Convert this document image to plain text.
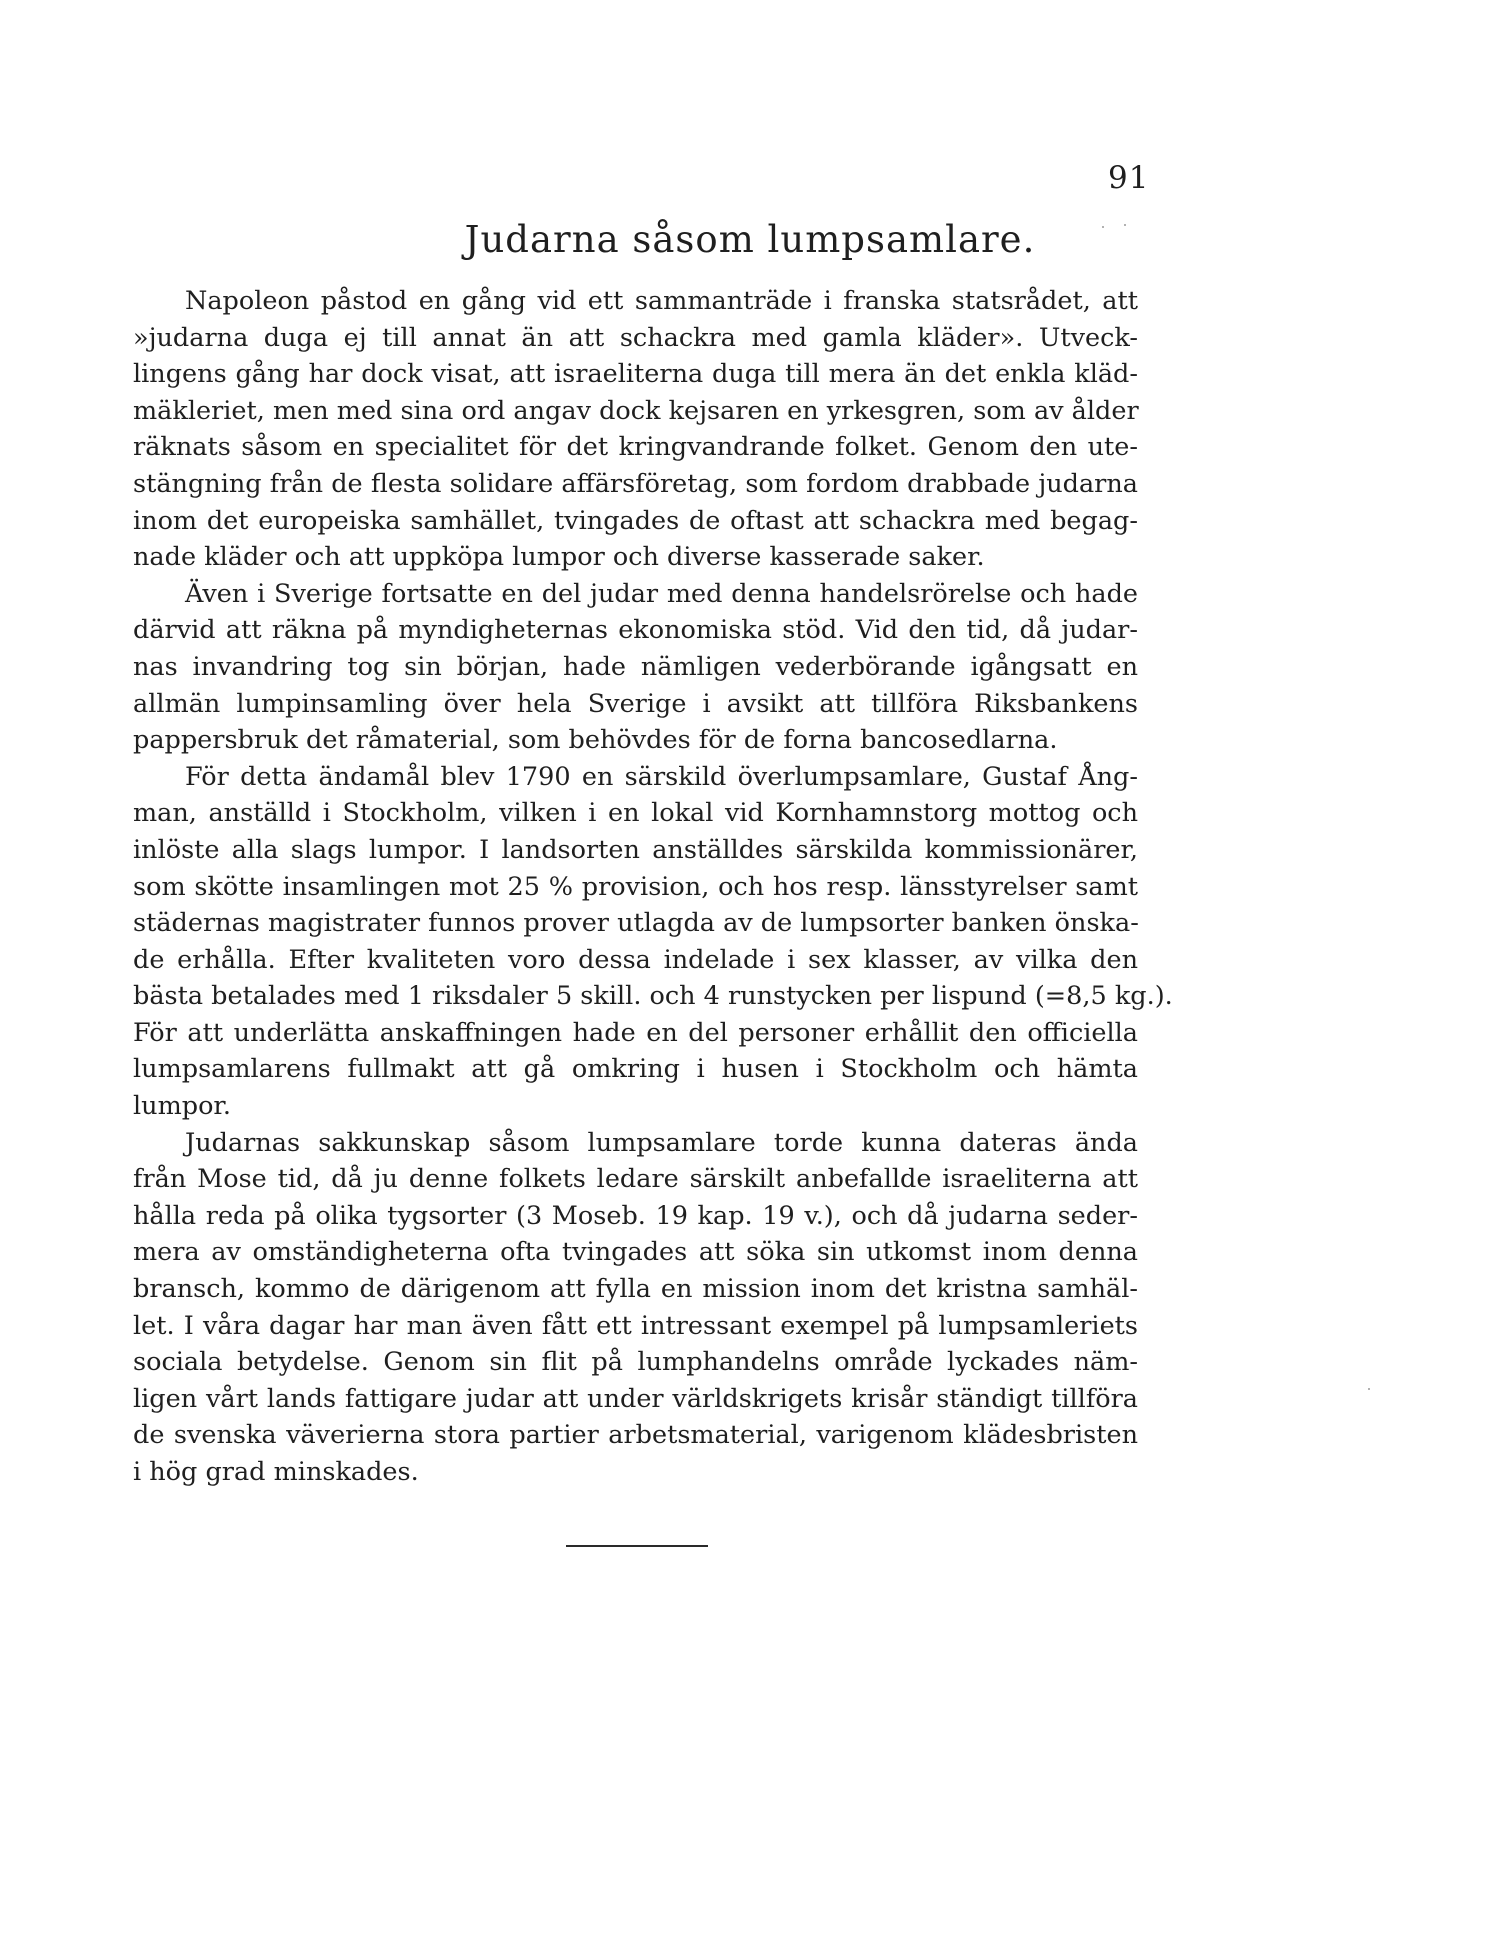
91
Judarna såsom lumpsamlare.
Napoleon påstod en gång vid ett sammanträde i franska statsrådet, att
»judarna duga ej till annat än att schackra med gamla kläder». Utveck-
lingens gång har dock visat, att israeliterna duga till mera än det enkla kläd-
mäkleriet, men med sina ord angav dock kejsaren en yrkesgren, som av ålder
räknats såsom en specialitet för det kringvandrande folket. Genom den ute-
stängning från de flesta solidare affärsföretag, som fordom drabbade judarna
inom det europeiska samhället, tvingades de oftast att schackra med begag-
nade kläder och att uppköpa lumpor och diverse kasserade saker.
Även i Sverige fortsatte en del judar med denna handelsrörelse och hade
därvid att räkna på myndigheternas ekonomiska stöd. Vid den tid, då judar-
nas invandring tog sin början, hade nämligen vederbörande igångsatt en
allmän lumpinsamling över hela Sverige i avsikt att tillföra Riksbankens
pappersbruk det råmaterial, som behövdes för de forna bancosedlarna.
För detta ändamål blev 1790 en särskild överlumpsamlare, Gustaf Ång-
man, anställd i Stockholm, vilken i en lokal vid Kornhamnstorg mottog och
inlöste alla slags lumpor. I landsorten anställdes särskilda kommissionärer,
som skötte insamlingen mot 25 % provision, och hos resp. länsstyrelser samt
städernas magistrater funnos prover utlagda av de lumpsorter banken önska-
de erhålla. Efter kvaliteten voro dessa indelade i sex klasser, av vilka den
bästa betalades med 1 riksdaler 5 skill. och 4 runstycken per lispund (=8,5 kg.).
För att underlätta anskaffningen hade en del personer erhållit den officiella
lumpsamlarens fullmakt att gå omkring i husen i Stockholm och hämta
lumpor.
Judarnas sakkunskap såsom lumpsamlare torde kunna dateras ända
från Mose tid, då ju denne folkets ledare särskilt anbefallde israeliterna att
hålla reda på olika tygsorter (3 Moseb. 19 kap. 19 v.), och då judarna seder-
mera av omständigheterna ofta tvingades att söka sin utkomst inom denna
bransch, kommo de därigenom att fylla en mission inom det kristna samhäl-
let. I våra dagar har man även fått ett intressant exempel på lumpsamleriets
sociala betydelse. Genom sin flit på lumphandelns område lyckades näm-
ligen vårt lands fattigare judar att under världskrigets krisår ständigt tillföra
de svenska väverierna stora partier arbetsmaterial, varigenom klädesbristen
i hög grad minskades.
